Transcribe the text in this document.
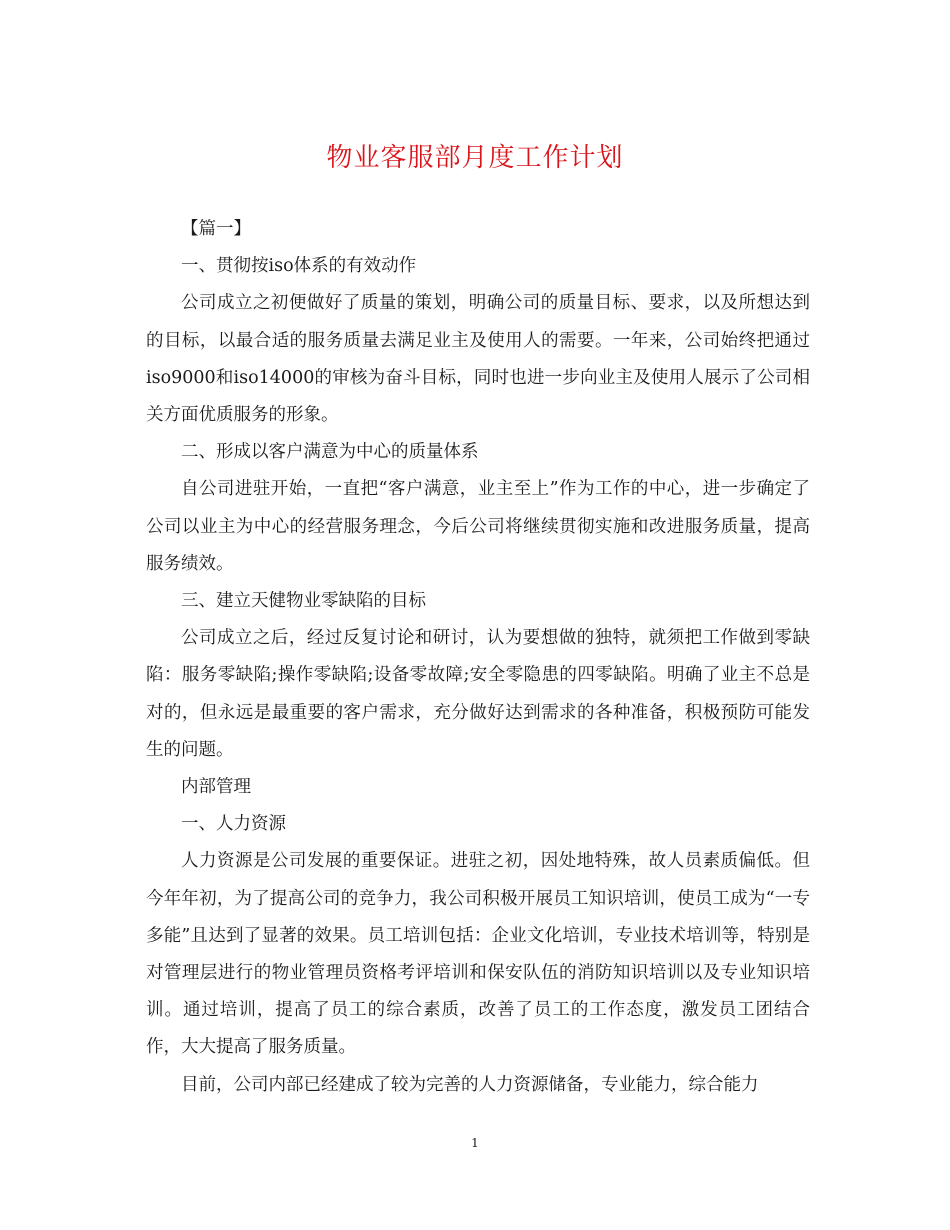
物业客服部月度工作计划

【篇一】

一、贯彻按iso体系的有效动作

公司成立之初便做好了质量的策划，明确公司的质量目标、要求，以及所想达到的目标，以最合适的服务质量去满足业主及使用人的需要。一年来，公司始终把通过iso9000和iso14000的审核为奋斗目标，同时也进一步向业主及使用人展示了公司相关方面优质服务的形象。

二、形成以客户满意为中心的质量体系

自公司进驻开始，一直把“客户满意，业主至上”作为工作的中心，进一步确定了公司以业主为中心的经营服务理念，今后公司将继续贯彻实施和改进服务质量，提高服务绩效。

三、建立天健物业零缺陷的目标

公司成立之后，经过反复讨论和研讨，认为要想做的独特，就须把工作做到零缺陷：服务零缺陷;操作零缺陷;设备零故障;安全零隐患的四零缺陷。明确了业主不总是对的，但永远是最重要的客户需求，充分做好达到需求的各种准备，积极预防可能发生的问题。

内部管理

一、人力资源

人力资源是公司发展的重要保证。进驻之初，因处地特殊，故人员素质偏低。但今年年初，为了提高公司的竞争力，我公司积极开展员工知识培训，使员工成为“一专多能”且达到了显著的效果。员工培训包括：企业文化培训，专业技术培训等，特别是对管理层进行的物业管理员资格考评培训和保安队伍的消防知识培训以及专业知识培训。通过培训，提高了员工的综合素质，改善了员工的工作态度，激发员工团结合作，大大提高了服务质量。

目前，公司内部已经建成了较为完善的人力资源储备，专业能力，综合能力

1
